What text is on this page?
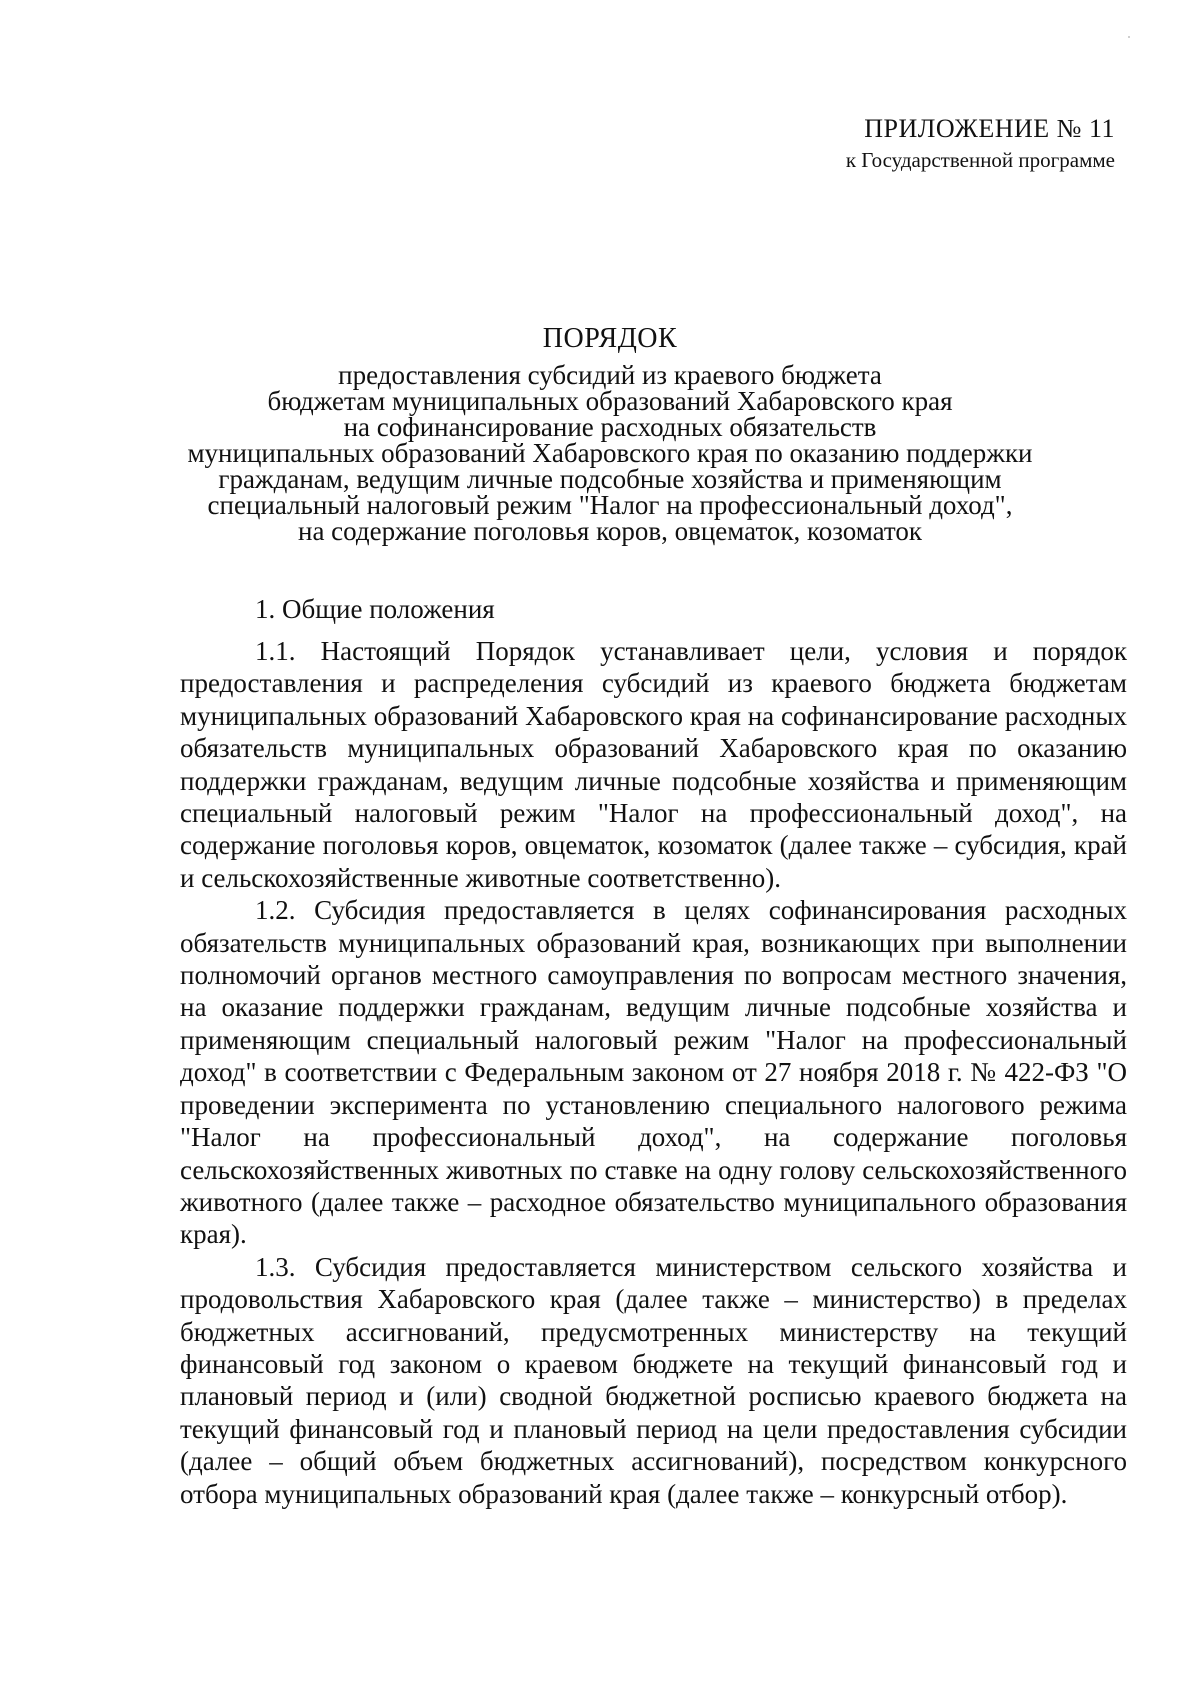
ПРИЛОЖЕНИЕ № 11
к Государственной программе
ПОРЯДОК
предоставления субсидий из краевого бюджета
бюджетам муниципальных образований Хабаровского края
на софинансирование расходных обязательств
муниципальных образований Хабаровского края по оказанию поддержки
гражданам, ведущим личные подсобные хозяйства и применяющим
специальный налоговый режим "Налог на профессиональный доход",
на содержание поголовья коров, овцематок, козоматок
1. Общие положения

1.1. Настоящий Порядок устанавливает цели, условия и порядок предоставления и распределения субсидий из краевого бюджета бюджетам муниципальных образований Хабаровского края на софинансирование расходных обязательств муниципальных образований Хабаровского края по оказанию поддержки гражданам, ведущим личные подсобные хозяйства и применяющим специальный налоговый режим "Налог на профессиональный доход", на содержание поголовья коров, овцематок, козоматок (далее также – субсидия, край и сельскохозяйственные животные соответственно).

1.2. Субсидия предоставляется в целях софинансирования расходных обязательств муниципальных образований края, возникающих при выполнении полномочий органов местного самоуправления по вопросам местного значения, на оказание поддержки гражданам, ведущим личные подсобные хозяйства и применяющим специальный налоговый режим "Налог на профессиональный доход" в соответствии с Федеральным законом от 27 ноября 2018 г. № 422-ФЗ "О проведении эксперимента по установлению специального налогового режима "Налог на профессиональный доход", на содержание поголовья сельскохозяйственных животных по ставке на одну голову сельскохозяйственного животного (далее также – расходное обязательство муниципального образования края).

1.3. Субсидия предоставляется министерством сельского хозяйства и продовольствия Хабаровского края (далее также – министерство) в пределах бюджетных ассигнований, предусмотренных министерству на текущий финансовый год законом о краевом бюджете на текущий финансовый год и плановый период и (или) сводной бюджетной росписью краевого бюджета на текущий финансовый год и плановый период на цели предоставления субсидии (далее – общий объем бюджетных ассигнований), посредством конкурсного отбора муниципальных образований края (далее также – конкурсный отбор).
